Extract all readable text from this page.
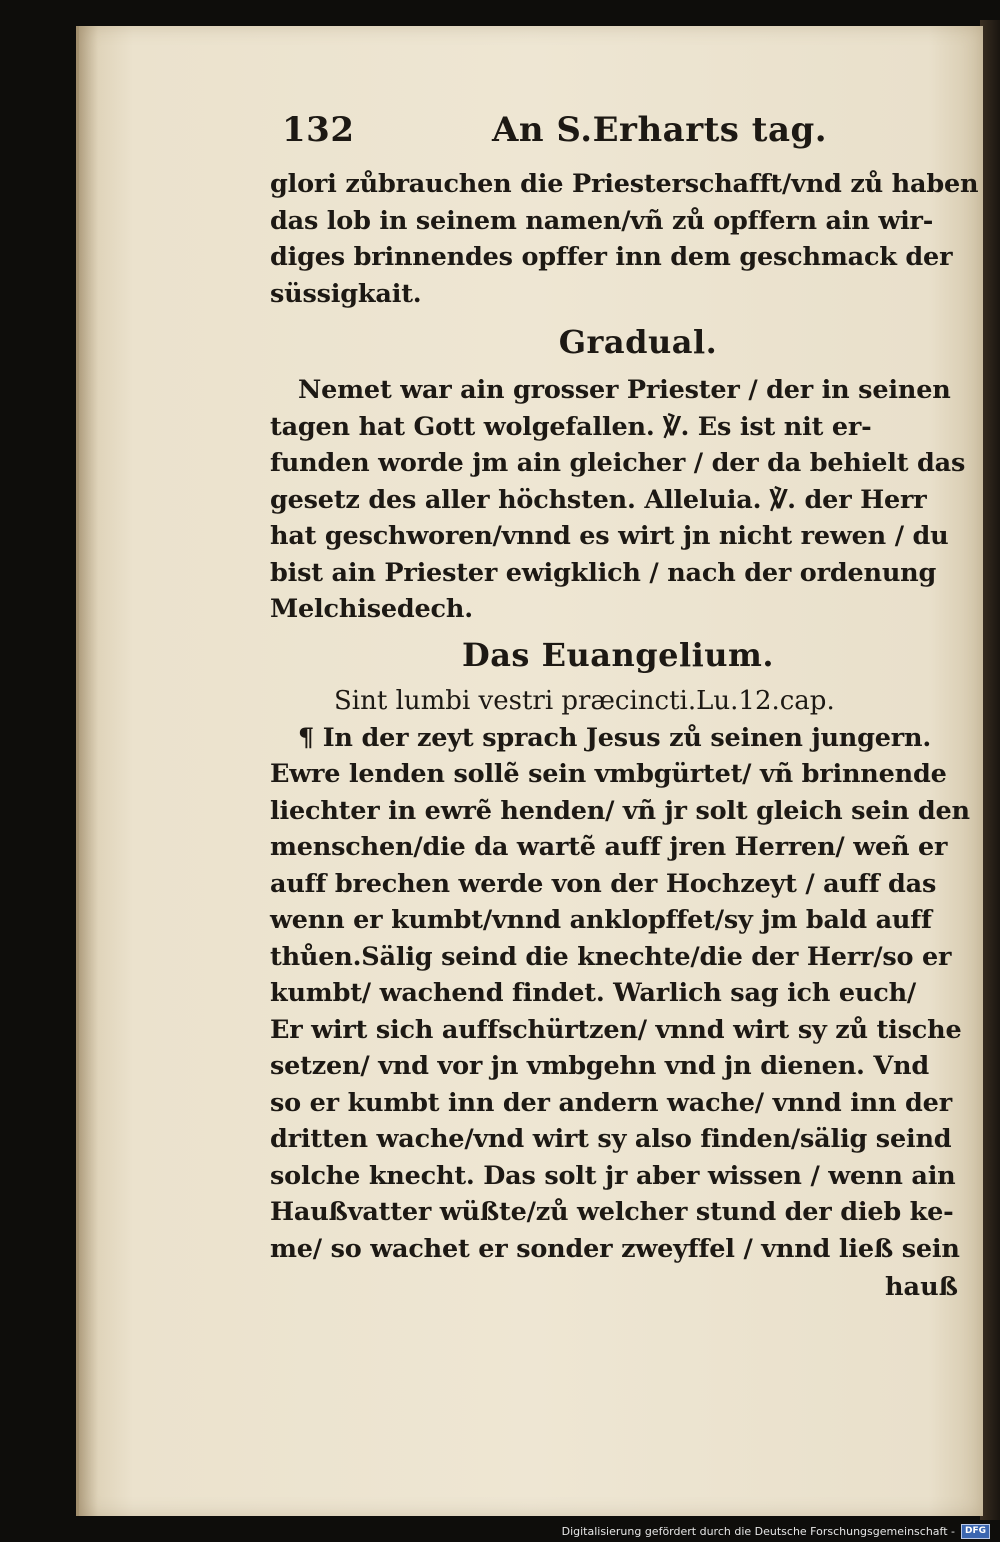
132	An S.Erharts tag.
glori zůbrauchen die Priesterschafft/vnd zů haben
das lob in seinem namen/vñ zů opffern ain wir-
diges brinnendes opffer inn dem geschmack der
süssigkait.
Gradual.
Nemet war ain grosser Priester / der in seinen
tagen hat Gott wolgefallen. ℣. Es ist nit er-
funden worde jm ain gleicher / der da behielt das
gesetz des aller höchsten. Alleluia. ℣. der Herr
hat geschworen/vnnd es wirt jn nicht rewen / du
bist ain Priester ewigklich / nach der ordenung
Melchisedech.
Das Euangelium.
Sint lumbi vestri præcincti.Lu.12.cap.
¶ In der zeyt sprach Jesus zů seinen jungern.
Ewre lenden sollẽ sein vmbgürtet/ vñ brinnende
liechter in ewrẽ henden/ vñ jr solt gleich sein den
menschen/die da wartẽ auff jren Herren/ weñ er
auff brechen werde von der Hochzeyt / auff das
wenn er kumbt/vnnd anklopffet/sy jm bald auff
thůen.Sälig seind die knechte/die der Herr/so er
kumbt/ wachend findet. Warlich sag ich euch/
Er wirt sich auffschürtzen/ vnnd wirt sy zů tische
setzen/ vnd vor jn vmbgehn vnd jn dienen. Vnd
so er kumbt inn der andern wache/ vnnd inn der
dritten wache/vnd wirt sy also finden/sälig seind
solche knecht. Das solt jr aber wissen / wenn ain
Haußvatter wüßte/zů welcher stund der dieb ke-
me/ so wachet er sonder zweyffel / vnnd ließ sein
hauß
Digitalisierung gefördert durch die Deutsche Forschungsgemeinschaft -	DFG
